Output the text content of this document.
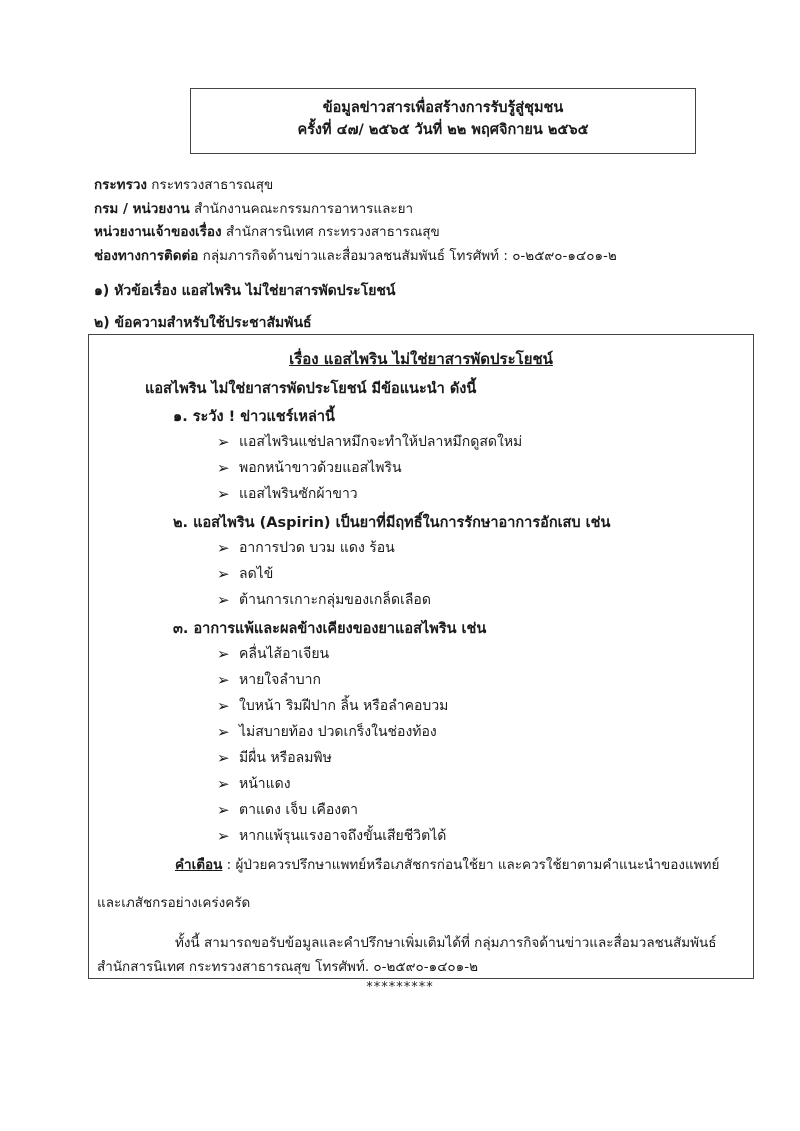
ข้อมูลข่าวสารเพื่อสร้างการรับรู้สู่ชุมชน
ครั้งที่ ๔๗/ ๒๕๖๕ วันที่ ๒๒ พฤศจิกายน ๒๕๖๕
กระทรวง กระทรวงสาธารณสุข
กรม / หน่วยงาน สำนักงานคณะกรรมการอาหารและยา
หน่วยงานเจ้าของเรื่อง สำนักสารนิเทศ กระทรวงสาธารณสุข
ช่องทางการติดต่อ กลุ่มภารกิจด้านข่าวและสื่อมวลชนสัมพันธ์ โทรศัพท์ : ๐-๒๕๙๐-๑๔๐๑-๒
๑) หัวข้อเรื่อง แอสไพริน ไม่ใช่ยาสารพัดประโยชน์
๒) ข้อความสำหรับใช้ประชาสัมพันธ์
เรื่อง แอสไพริน ไม่ใช่ยาสารพัดประโยชน์
แอสไพริน ไม่ใช่ยาสารพัดประโยชน์ มีข้อแนะนำ ดังนี้
๑. ระวัง ! ข่าวแชร์เหล่านี้
➢ แอสไพรินแช่ปลาหมึกจะทำให้ปลาหมึกดูสดใหม่
➢ พอกหน้าขาวด้วยแอสไพริน
➢ แอสไพรินซักผ้าขาว
๒. แอสไพริน (Aspirin) เป็นยาที่มีฤทธิ์ในการรักษาอาการอักเสบ เช่น
➢ อาการปวด บวม แดง ร้อน
➢ ลดไข้
➢ ต้านการเกาะกลุ่มของเกล็ดเลือด
๓. อาการแพ้และผลข้างเคียงของยาแอสไพริน เช่น
➢ คลื่นไส้อาเจียน
➢ หายใจลำบาก
➢ ใบหน้า ริมฝีปาก ลิ้น หรือลำคอบวม
➢ ไม่สบายท้อง ปวดเกร็งในช่องท้อง
➢ มีผื่น หรือลมพิษ
➢ หน้าแดง
➢ ตาแดง เจ็บ เคืองตา
➢ หากแพ้รุนแรงอาจถึงขั้นเสียชีวิตได้
คำเตือน : ผู้ป่วยควรปรึกษาแพทย์หรือเภสัชกรก่อนใช้ยา และควรใช้ยาตามคำแนะนำของแพทย์
และเภสัชกรอย่างเคร่งครัด
ทั้งนี้ สามารถขอรับข้อมูลและคำปรึกษาเพิ่มเติมได้ที่ กลุ่มภารกิจด้านข่าวและสื่อมวลชนสัมพันธ์
สำนักสารนิเทศ กระทรวงสาธารณสุข โทรศัพท์. ๐-๒๕๙๐-๑๔๐๑-๒
*********
